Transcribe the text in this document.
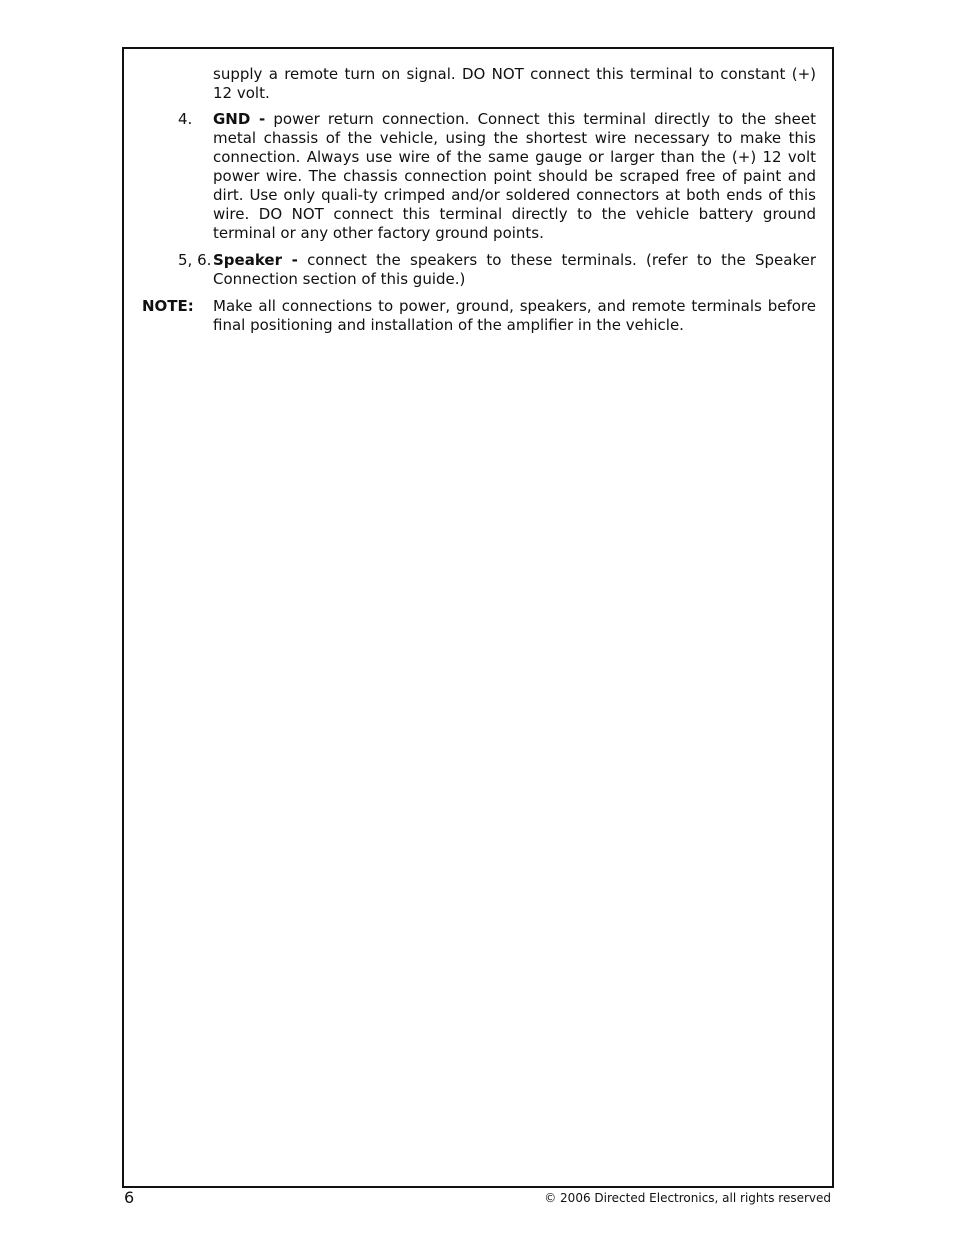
supply a remote turn on signal. DO NOT connect this terminal to constant (+) 12 volt.
4.	GND - power return connection. Connect this terminal directly to the sheet metal chassis of the vehicle, using the shortest wire necessary to make this connection. Always use wire of the same gauge or larger than the (+) 12 volt power wire. The chassis connection point should be scraped free of paint and dirt. Use only quali-ty crimped and/or soldered connectors at both ends of this wire. DO NOT connect this terminal directly to the vehicle battery ground terminal or any other factory ground points.
5, 6. Speaker - connect the speakers to these terminals. (refer to the Speaker Connection section of this guide.)
NOTE:	Make all connections to power, ground, speakers, and remote terminals before final positioning and installation of the amplifier in the vehicle.
6	© 2006 Directed Electronics, all rights reserved
